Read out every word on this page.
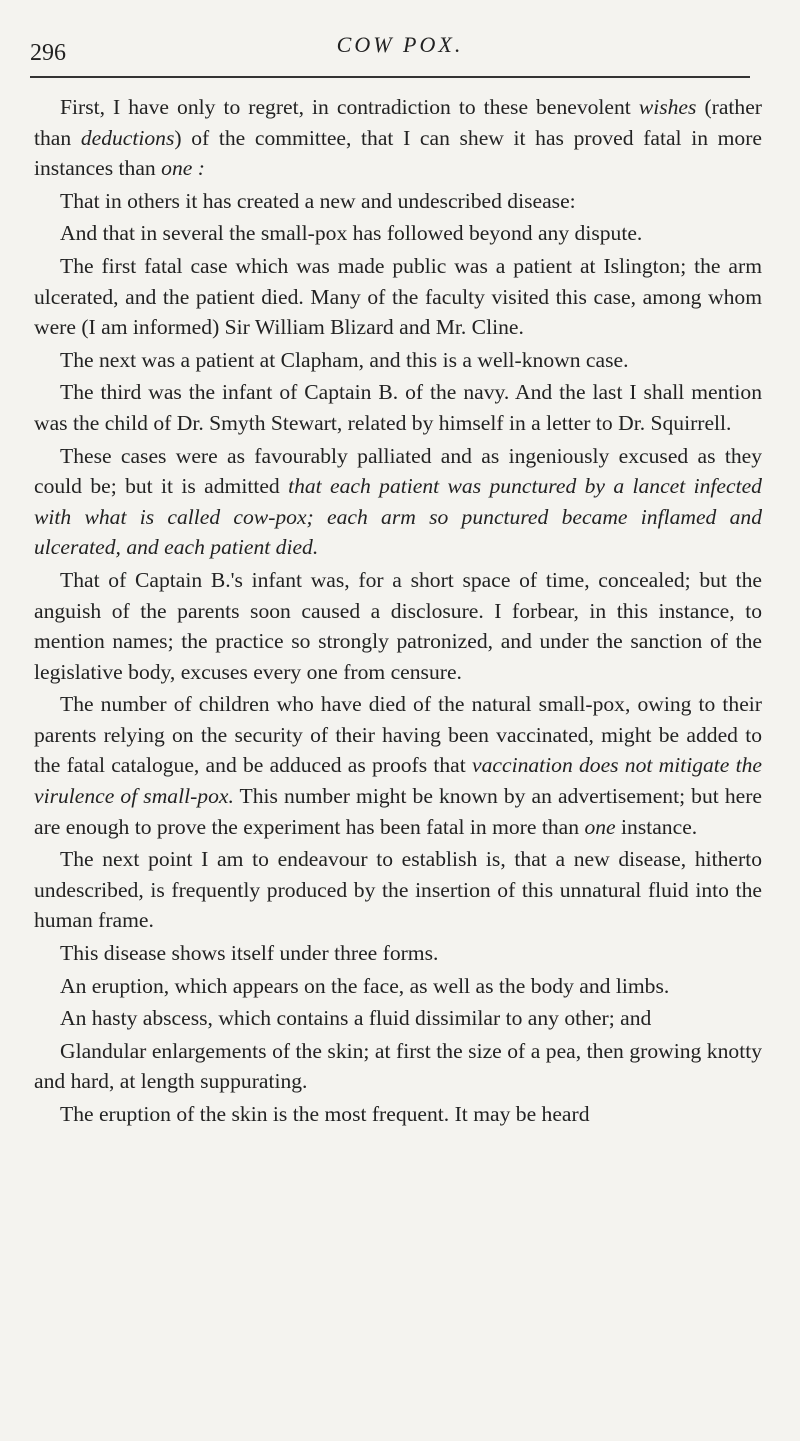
296	COW POX.

First, I have only to regret, in contradiction to these benevolent wishes (rather than deductions) of the committee, that I can shew it has proved fatal in more instances than one :

That in others it has created a new and undescribed disease:

And that in several the small-pox has followed beyond any dispute.

The first fatal case which was made public was a patient at Islington; the arm ulcerated, and the patient died. Many of the faculty visited this case, among whom were (I am informed) Sir William Blizard and Mr. Cline.

The next was a patient at Clapham, and this is a well-known case.

The third was the infant of Captain B. of the navy. And the last I shall mention was the child of Dr. Smyth Stewart, related by himself in a letter to Dr. Squirrell.

These cases were as favourably palliated and as ingeniously excused as they could be; but it is admitted that each patient was punctured by a lancet infected with what is called cow-pox; each arm so punctured became inflamed and ulcerated, and each patient died.

That of Captain B.'s infant was, for a short space of time, concealed; but the anguish of the parents soon caused a disclosure. I forbear, in this instance, to mention names; the practice so strongly patronized, and under the sanction of the legislative body, excuses every one from censure.

The number of children who have died of the natural small-pox, owing to their parents relying on the security of their having been vaccinated, might be added to the fatal catalogue, and be adduced as proofs that vaccination does not mitigate the virulence of small-pox. This number might be known by an advertisement; but here are enough to prove the experiment has been fatal in more than one instance.

The next point I am to endeavour to establish is, that a new disease, hitherto undescribed, is frequently produced by the insertion of this unnatural fluid into the human frame.

This disease shows itself under three forms.

An eruption, which appears on the face, as well as the body and limbs.

An hasty abscess, which contains a fluid dissimilar to any other; and

Glandular enlargements of the skin; at first the size of a pea, then growing knotty and hard, at length suppurating.

The eruption of the skin is the most frequent. It may be heard
